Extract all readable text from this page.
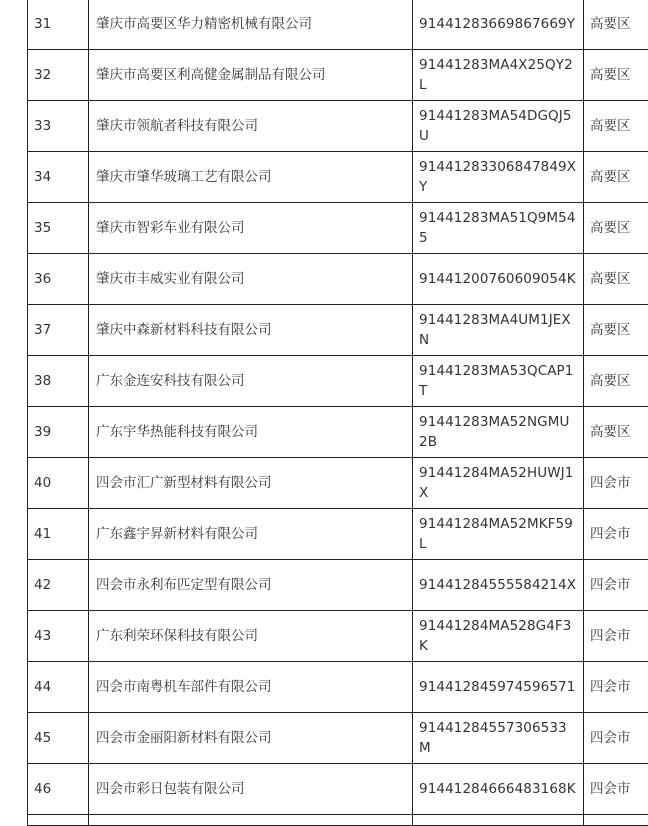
31	肇庆市高要区华力精密机械有限公司	91441283669867669Y	高要区
32	肇庆市高要区利高健金属制品有限公司	91441283MA4X25QY2L	高要区
33	肇庆市领航者科技有限公司	91441283MA54DGQJ5U	高要区
34	肇庆市肇华玻璃工艺有限公司	91441283306847849XY	高要区
35	肇庆市智彩车业有限公司	91441283MA51Q9M545	高要区
36	肇庆市丰威实业有限公司	91441200760609054K	高要区
37	肇庆中森新材料科技有限公司	91441283MA4UM1JEXN	高要区
38	广东金连安科技有限公司	91441283MA53QCAP1T	高要区
39	广东宇华热能科技有限公司	91441283MA52NGMU2B	高要区
40	四会市汇广新型材料有限公司	91441284MA52HUWJ1X	四会市
41	广东鑫宇昇新材料有限公司	91441284MA52MKF59L	四会市
42	四会市永利布匹定型有限公司	91441284555584214X	四会市
43	广东利荣环保科技有限公司	91441284MA528G4F3K	四会市
44	四会市南粤机车部件有限公司	914412845974596571	四会市
45	四会市金丽阳新材料有限公司	91441284557306533M	四会市
46	四会市彩日包装有限公司	91441284666483168K	四会市
